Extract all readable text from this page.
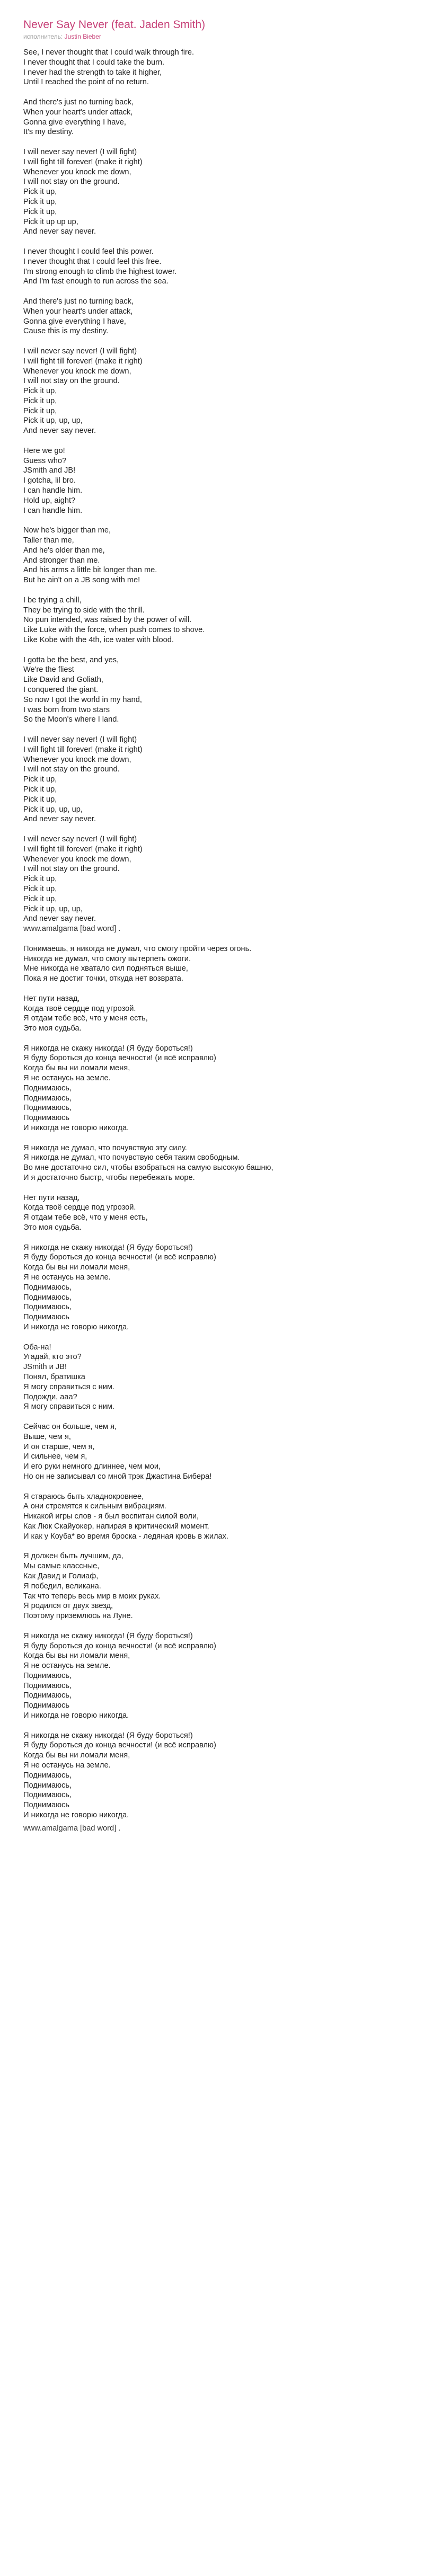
Never Say Never (feat. Jaden Smith)
исполнитель: Justin Bieber
See, I never thought that I could walk through fire.
I never thought that I could take the burn.
I never had the strength to take it higher,
Until I reached the point of no return.
And there's just no turning back,
When your heart's under attack,
Gonna give everything I have,
It's my destiny.
I will never say never! (I will fight)
I will fight till forever! (make it right)
Whenever you knock me down,
I will not stay on the ground.
Pick it up,
Pick it up,
Pick it up,
Pick it up up up,
And never say never.
I never thought I could feel this power.
I never thought that I could feel this free.
I'm strong enough to climb the highest tower.
And I'm fast enough to run across the sea.
And there's just no turning back,
When your heart's under attack,
Gonna give everything I have,
Cause this is my destiny.
I will never say never! (I will fight)
I will fight till forever! (make it right)
Whenever you knock me down,
I will not stay on the ground.
Pick it up,
Pick it up,
Pick it up,
Pick it up, up, up,
And never say never.
Here we go!
Guess who?
JSmith and JB!
I gotcha, lil bro.
I can handle him.
Hold up, aight?
I can handle him.
Now he's bigger than me,
Taller than me,
And he's older than me,
And stronger than me.
And his arms a little bit longer than me.
But he ain't on a JB song with me!
I be trying a chill,
They be trying to side with the thrill.
No pun intended, was raised by the power of will.
Like Luke with the force, when push comes to shove.
Like Kobe with the 4th, ice water with blood.
I gotta be the best, and yes,
We're the fliest
Like David and Goliath,
I conquered the giant.
So now I got the world in my hand,
I was born from two stars
So the Moon's where I land.
I will never say never! (I will fight)
I will fight till forever! (make it right)
Whenever you knock me down,
I will not stay on the ground.
Pick it up,
Pick it up,
Pick it up,
Pick it up, up, up,
And never say never.
I will never say never! (I will fight)
I will fight till forever! (make it right)
Whenever you knock me down,
I will not stay on the ground.
Pick it up,
Pick it up,
Pick it up,
Pick it up, up, up,
And never say never.
www.amalgama [bad word] .
Понимаешь, я никогда не думал, что смогу пройти через огонь.
Никогда не думал, что смогу вытерпеть ожоги.
Мне никогда не хватало сил подняться выше,
Пока я не достиг точки, откуда нет возврата.
Нет пути назад,
Когда твоё сердце под угрозой.
Я отдам тебе всё, что у меня есть,
Это моя судьба.
Я никогда не скажу никогда! (Я буду бороться!)
Я буду бороться до конца вечности! (и всё исправлю)
Когда бы вы ни ломали меня,
Я не останусь на земле.
Поднимаюсь,
Поднимаюсь,
Поднимаюсь,
Поднимаюсь
И никогда не говорю никогда.
Я никогда не думал, что почувствую эту силу.
Я никогда не думал, что почувствую себя таким свободным.
Во мне достаточно сил, чтобы взобраться на самую высокую башню,
И я достаточно быстр, чтобы перебежать море.
Нет пути назад,
Когда твоё сердце под угрозой.
Я отдам тебе всё, что у меня есть,
Это моя судьба.
Я никогда не скажу никогда! (Я буду бороться!)
Я буду бороться до конца вечности! (и всё исправлю)
Когда бы вы ни ломали меня,
Я не останусь на земле.
Поднимаюсь,
Поднимаюсь,
Поднимаюсь,
Поднимаюсь
И никогда не говорю никогда.
Оба-на!
Угадай, кто это?
JSmith и JB!
Понял, братишка
Я могу справиться с ним.
Подожди, ааа?
Я могу справиться с ним.
Сейчас он больше, чем я,
Выше, чем я,
И он старше, чем я,
И сильнее, чем я,
И его руки немного длиннее, чем мои,
Но он не записывал со мной трэк Джастина Бибера!
Я стараюсь быть хладнокровнее,
А они стремятся к сильным вибрациям.
Никакой игры слов - я был воспитан силой воли,
Как Люк Скайуокер, напирая в критический момент,
И как у Коуба* во время броска - ледяная кровь в жилах.
Я должен быть лучшим, да,
Мы самые классные,
Как Давид и Голиаф,
Я победил, великана.
Так что теперь весь мир в моих руках.
Я родился от двух звезд,
Поэтому приземлюсь на Луне.
Я никогда не скажу никогда! (Я буду бороться!)
Я буду бороться до конца вечности! (и всё исправлю)
Когда бы вы ни ломали меня,
Я не останусь на земле.
Поднимаюсь,
Поднимаюсь,
Поднимаюсь,
Поднимаюсь
И никогда не говорю никогда.
Я никогда не скажу никогда! (Я буду бороться!)
Я буду бороться до конца вечности! (и всё исправлю)
Когда бы вы ни ломали меня,
Я не останусь на земле.
Поднимаюсь,
Поднимаюсь,
Поднимаюсь,
Поднимаюсь
И никогда не говорю никогда.
www.amalgama [bad word] .
